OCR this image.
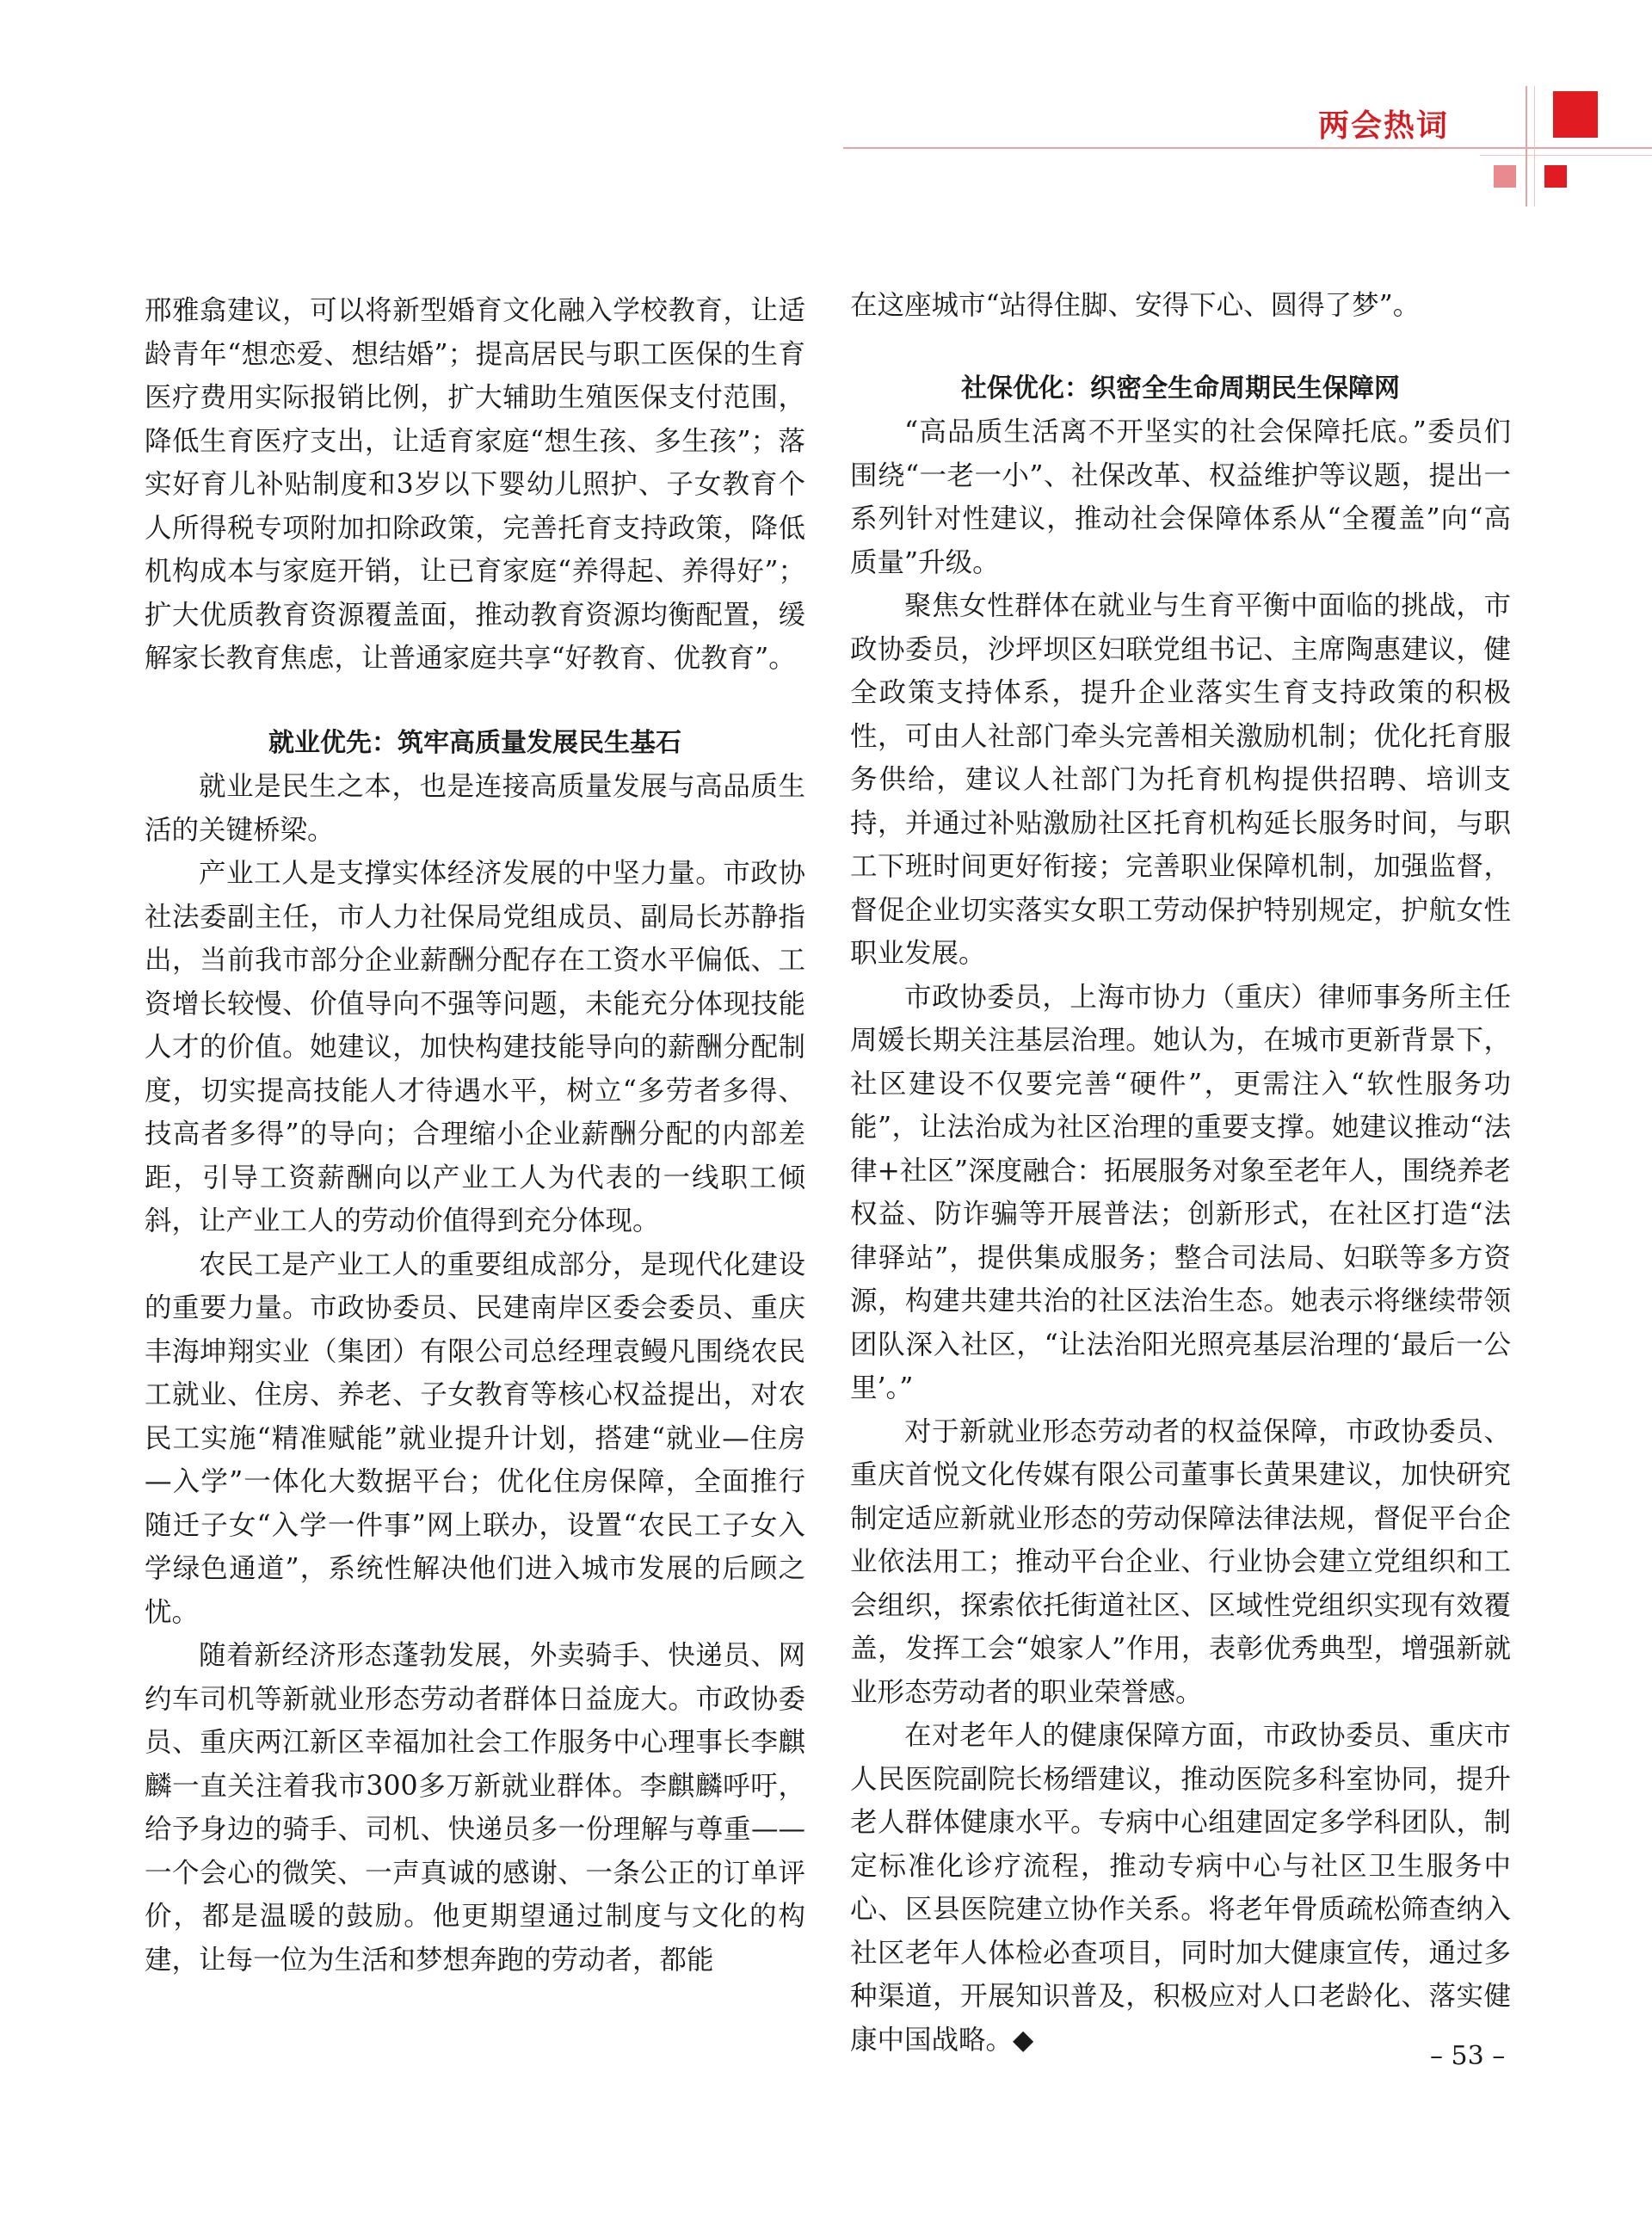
两会热词

邢雅翕建议，可以将新型婚育文化融入学校教育，让适龄青年“想恋爱、想结婚”；提高居民与职工医保的生育医疗费用实际报销比例，扩大辅助生殖医保支付范围，降低生育医疗支出，让适育家庭“想生孩、多生孩”；落实好育儿补贴制度和3岁以下婴幼儿照护、子女教育个人所得税专项附加扣除政策，完善托育支持政策，降低机构成本与家庭开销，让已育家庭“养得起、养得好”；扩大优质教育资源覆盖面，推动教育资源均衡配置，缓解家长教育焦虑，让普通家庭共享“好教育、优教育”。

就业优先：筑牢高质量发展民生基石

就业是民生之本，也是连接高质量发展与高品质生活的关键桥梁。

产业工人是支撑实体经济发展的中坚力量。市政协社法委副主任，市人力社保局党组成员、副局长苏静指出，当前我市部分企业薪酬分配存在工资水平偏低、工资增长较慢、价值导向不强等问题，未能充分体现技能人才的价值。她建议，加快构建技能导向的薪酬分配制度，切实提高技能人才待遇水平，树立“多劳者多得、技高者多得”的导向；合理缩小企业薪酬分配的内部差距，引导工资薪酬向以产业工人为代表的一线职工倾斜，让产业工人的劳动价值得到充分体现。

农民工是产业工人的重要组成部分，是现代化建设的重要力量。市政协委员、民建南岸区委会委员、重庆丰海坤翔实业（集团）有限公司总经理袁鳗凡围绕农民工就业、住房、养老、子女教育等核心权益提出，对农民工实施“精准赋能”就业提升计划，搭建“就业—住房—入学”一体化大数据平台；优化住房保障，全面推行随迁子女“入学一件事”网上联办，设置“农民工子女入学绿色通道”，系统性解决他们进入城市发展的后顾之忧。

随着新经济形态蓬勃发展，外卖骑手、快递员、网约车司机等新就业形态劳动者群体日益庞大。市政协委员、重庆两江新区幸福加社会工作服务中心理事长李麒麟一直关注着我市300多万新就业群体。李麒麟呼吁，给予身边的骑手、司机、快递员多一份理解与尊重——一个会心的微笑、一声真诚的感谢、一条公正的订单评价，都是温暖的鼓励。他更期望通过制度与文化的构建，让每一位为生活和梦想奔跑的劳动者，都能

在这座城市“站得住脚、安得下心、圆得了梦”。

社保优化：织密全生命周期民生保障网

“高品质生活离不开坚实的社会保障托底。”委员们围绕“一老一小”、社保改革、权益维护等议题，提出一系列针对性建议，推动社会保障体系从“全覆盖”向“高质量”升级。

聚焦女性群体在就业与生育平衡中面临的挑战，市政协委员，沙坪坝区妇联党组书记、主席陶惠建议，健全政策支持体系，提升企业落实生育支持政策的积极性，可由人社部门牵头完善相关激励机制；优化托育服务供给，建议人社部门为托育机构提供招聘、培训支持，并通过补贴激励社区托育机构延长服务时间，与职工下班时间更好衔接；完善职业保障机制，加强监督，督促企业切实落实女职工劳动保护特别规定，护航女性职业发展。

市政协委员，上海市协力（重庆）律师事务所主任周媛长期关注基层治理。她认为，在城市更新背景下，社区建设不仅要完善“硬件”，更需注入“软性服务功能”，让法治成为社区治理的重要支撑。她建议推动“法律+社区”深度融合：拓展服务对象至老年人，围绕养老权益、防诈骗等开展普法；创新形式，在社区打造“法律驿站”，提供集成服务；整合司法局、妇联等多方资源，构建共建共治的社区法治生态。她表示将继续带领团队深入社区，“让法治阳光照亮基层治理的‘最后一公里’。”

对于新就业形态劳动者的权益保障，市政协委员、重庆首悦文化传媒有限公司董事长黄果建议，加快研究制定适应新就业形态的劳动保障法律法规，督促平台企业依法用工；推动平台企业、行业协会建立党组织和工会组织，探索依托街道社区、区域性党组织实现有效覆盖，发挥工会“娘家人”作用，表彰优秀典型，增强新就业形态劳动者的职业荣誉感。

在对老年人的健康保障方面，市政协委员、重庆市人民医院副院长杨缙建议，推动医院多科室协同，提升老人群体健康水平。专病中心组建固定多学科团队，制定标准化诊疗流程，推动专病中心与社区卫生服务中心、区县医院建立协作关系。将老年骨质疏松筛查纳入社区老年人体检必查项目，同时加大健康宣传，通过多种渠道，开展知识普及，积极应对人口老龄化、落实健康中国战略。◆

– 53 –
